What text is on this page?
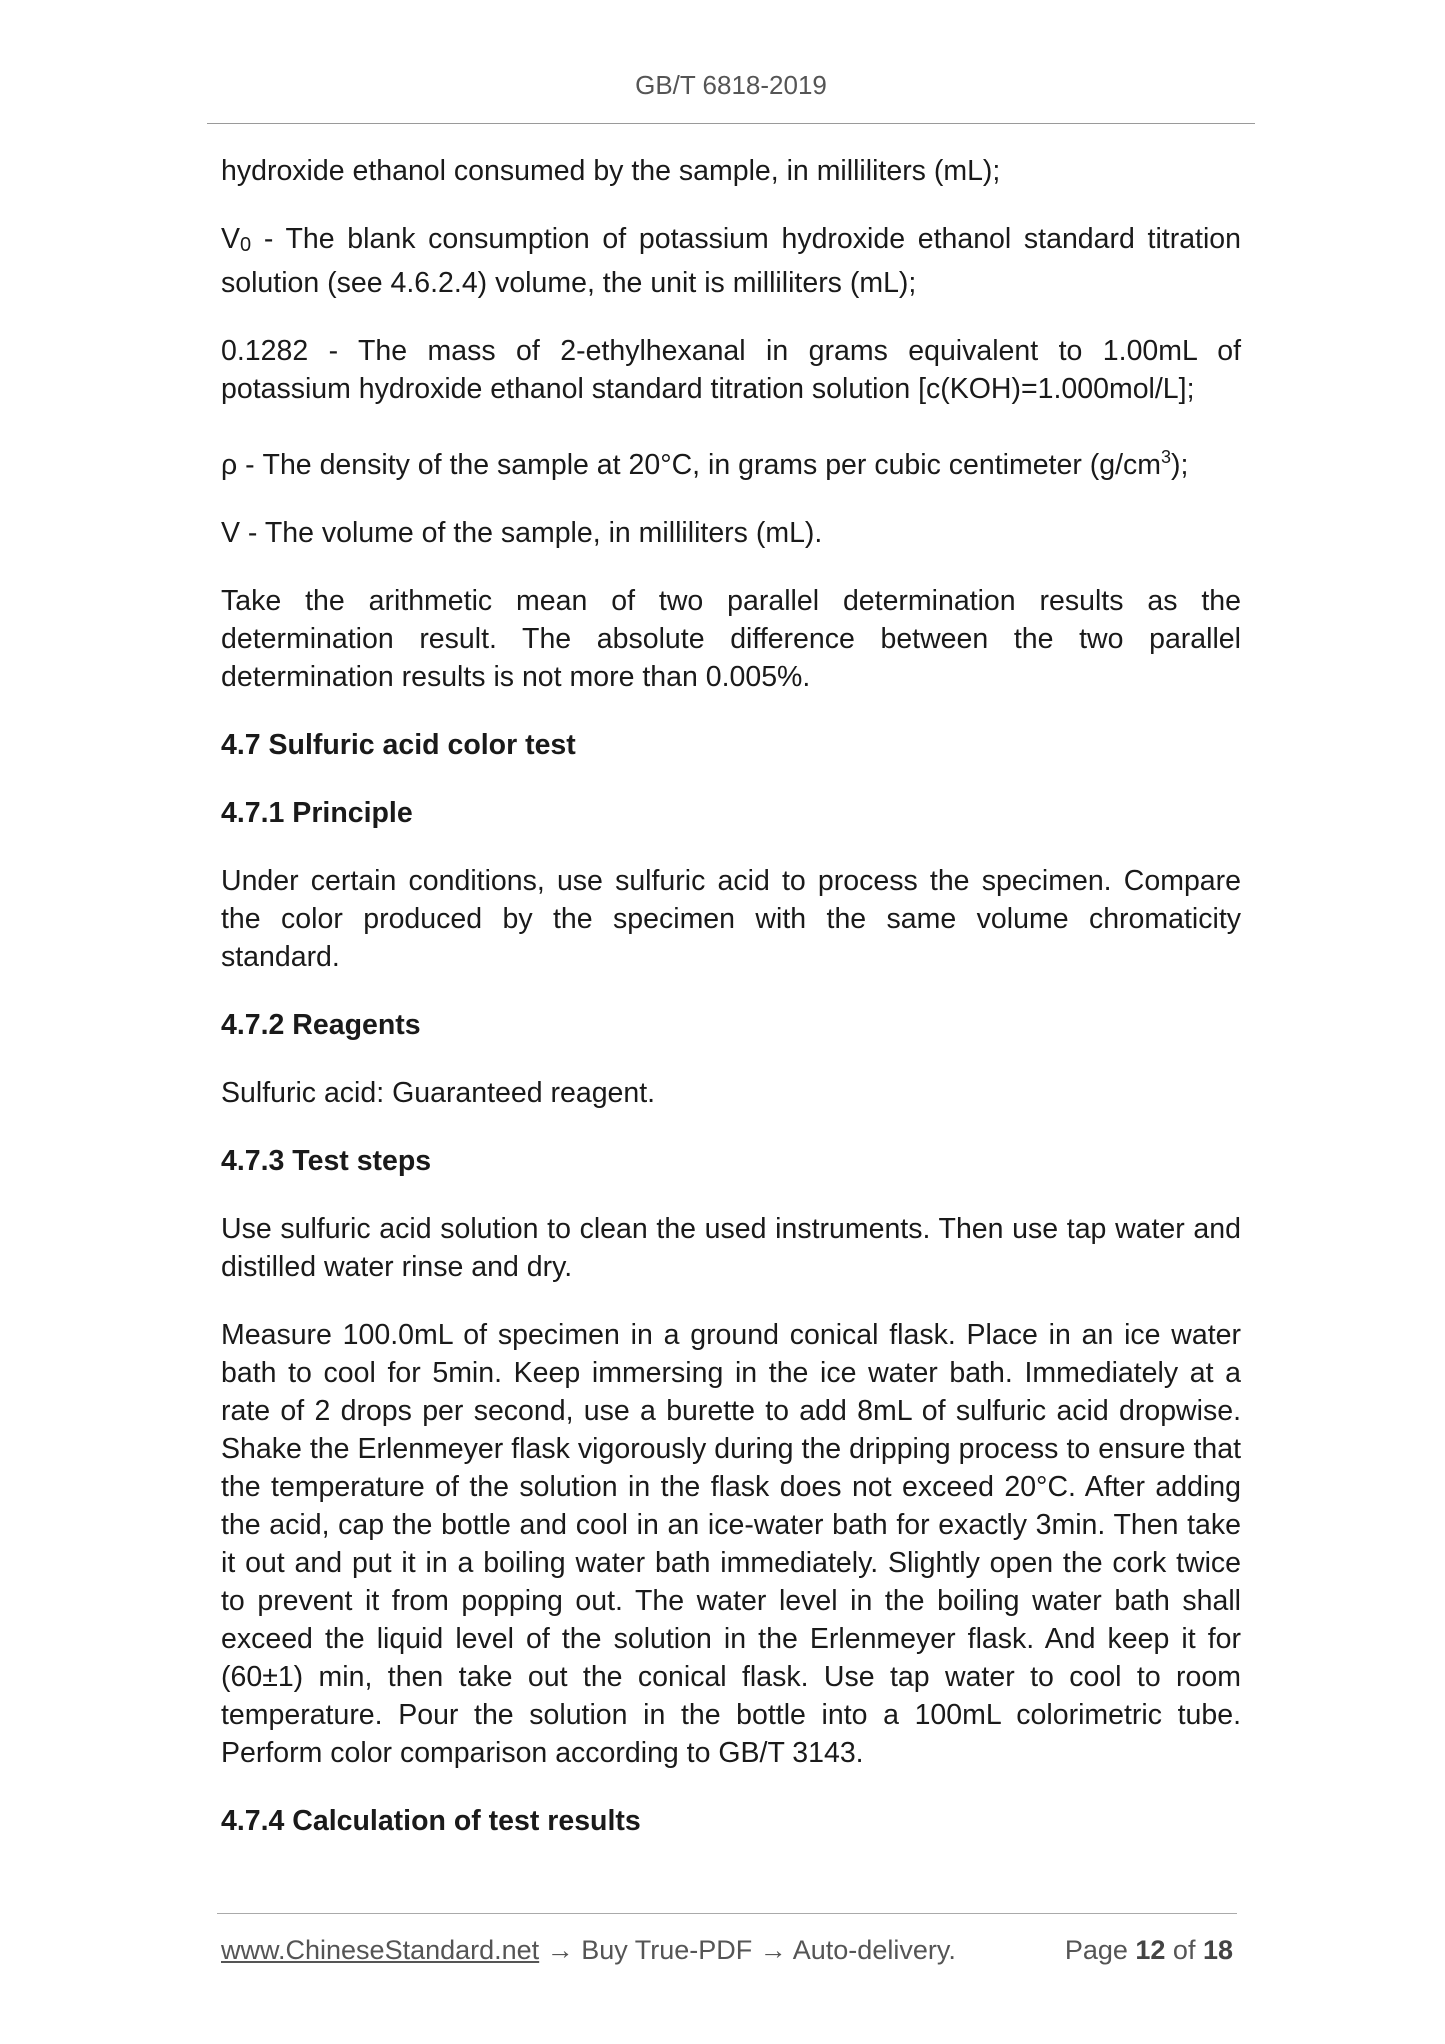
GB/T 6818-2019

hydroxide ethanol consumed by the sample, in milliliters (mL);

V0 - The blank consumption of potassium hydroxide ethanol standard titration solution (see 4.6.2.4) volume, the unit is milliliters (mL);

0.1282 - The mass of 2-ethylhexanal in grams equivalent to 1.00mL of potassium hydroxide ethanol standard titration solution [c(KOH)=1.000mol/L];

ρ - The density of the sample at 20°C, in grams per cubic centimeter $(g/cm^3)$;

V - The volume of the sample, in milliliters (mL).

Take the arithmetic mean of two parallel determination results as the determination result. The absolute difference between the two parallel determination results is not more than 0.005%.

4.7 Sulfuric acid color test
4.7.1 Principle

Under certain conditions, use sulfuric acid to process the specimen. Compare the color produced by the specimen with the same volume chromaticity standard.

4.7.2 Reagents

Sulfuric acid: Guaranteed reagent.

4.7.3 Test steps

Use sulfuric acid solution to clean the used instruments. Then use tap water and distilled water rinse and dry.

Measure 100.0mL of specimen in a ground conical flask. Place in an ice water bath to cool for 5min. Keep immersing in the ice water bath. Immediately at a rate of 2 drops per second, use a burette to add 8mL of sulfuric acid dropwise. Shake the Erlenmeyer flask vigorously during the dripping process to ensure that the temperature of the solution in the flask does not exceed 20°C. After adding the acid, cap the bottle and cool in an ice-water bath for exactly 3min. Then take it out and put it in a boiling water bath immediately. Slightly open the cork twice to prevent it from popping out. The water level in the boiling water bath shall exceed the liquid level of the solution in the Erlenmeyer flask. And keep it for (60±1) min, then take out the conical flask. Use tap water to cool to room temperature. Pour the solution in the bottle into a 100mL colorimetric tube. Perform color comparison according to GB/T 3143.

4.7.4 Calculation of test results
www.ChineseStandard.net → Buy True-PDF → Auto-delivery.	Page 12 of 18
